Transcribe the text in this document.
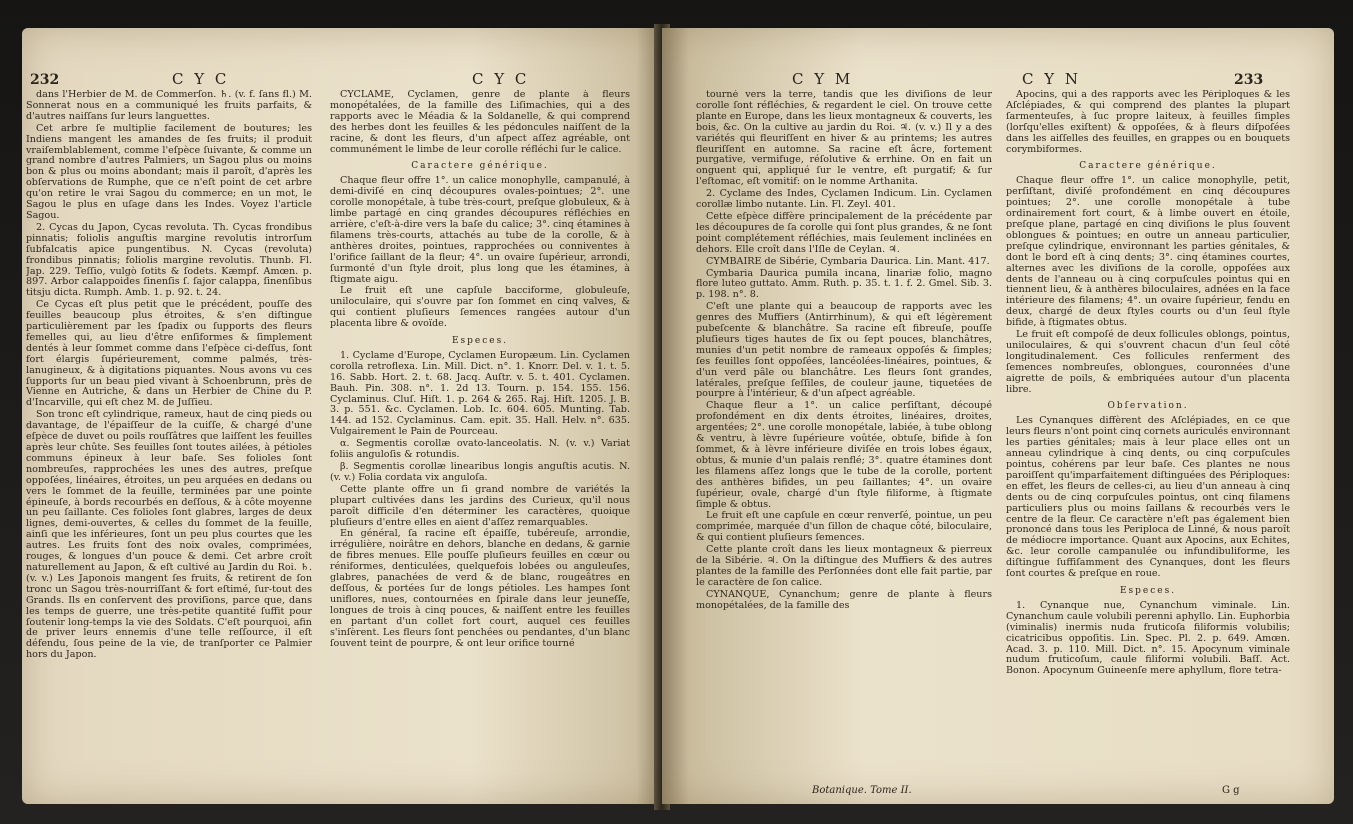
232	C Y C	C Y C

dans l'Herbier de M. de Commerſon. ♄. (v. f. ſans fl.) M. Sonnerat nous en a communiqué les fruits parfaits, & d'autres naiſſans ſur leurs languettes.

Cet arbre ſe multiplie facilement de boutures; les Indiens mangent les amandes de ſes fruits; il produit vraiſemblablement, comme l'eſpèce ſuivante, & comme un grand nombre d'autres Palmiers, un Sagou plus ou moins bon & plus ou moins abondant; mais il paroît, d'après les obſervations de Rumphe, que ce n'eſt point de cet arbre qu'on retire le vrai Sagou du commerce; en un mot, le Sagou le plus en uſage dans les Indes. Voyez l'article Sagou.

2. Cycas du Japon, Cycas revoluta. Th. Cycas frondibus pinnatis; foliolis anguſtis margine revolutis introrſum ſubfalcatis apice pungentibus. N. Cycas (revoluta) frondibus pinnatis; foliolis margine revolutis. Thunb. Fl. Jap. 229. Teſſio, vulgò ſotits & ſodets. Kæmpf. Amœn. p. 897. Arbor calappoides ſinenſis ſ. ſajor calappa, ſinenſibus titsju dicta. Rumph. Amb. 1. p. 92. t. 24.

Ce Cycas eſt plus petit que le précédent, pouſſe des feuilles beaucoup plus étroites, & s'en diſtingue particulièrement par les ſpadix ou ſupports des fleurs femelles qui, au lieu d'être enſiformes & ſimplement dentés à leur ſommet comme dans l'eſpèce ci-deſſus, ſont fort élargis ſupérieurement, comme palmés, très-lanugineux, & à digitations piquantes. Nous avons vu ces ſupports ſur un beau pied vivant à Schoenbrunn, près de Vienne en Autriche, & dans un Herbier de Chine du P. d'Incarville, qui eſt chez M. de Juſſieu.

Son tronc eſt cylindrique, rameux, haut de cinq pieds ou davantage, de l'épaiſſeur de la cuiſſe, & chargé d'une eſpèce de duvet ou poils rouſſâtres que laiſſent les feuilles après leur chûte. Ses feuilles ſont toutes ailées, à pétioles communs épineux à leur baſe. Ses folioles ſont nombreuſes, rapprochées les unes des autres, preſque oppoſées, linéaires, étroites, un peu arquées en dedans ou vers le ſommet de la feuille, terminées par une pointe épineuſe, à bords recourbés en deſſous, & à côte moyenne un peu ſaillante. Ces folioles ſont glabres, larges de deux lignes, demi-ouvertes, & celles du ſommet de la feuille, ainſi que les inférieures, ſont un peu plus courtes que les autres. Les fruits ſont des noix ovales, comprimées, rouges, & longues d'un pouce & demi. Cet arbre croît naturellement au Japon, & eſt cultivé au Jardin du Roi. ♄. (v. v.) Les Japonois mangent ſes fruits, & retirent de ſon tronc un Sagou très-nourriſſant & fort eſtimé, ſur-tout des Grands. Ils en conſervent des proviſions, parce que, dans les temps de guerre, une très-petite quantité ſuffit pour ſoutenir long-temps la vie des Soldats. C'eſt pourquoi, afin de priver leurs ennemis d'une telle reſſource, il eſt défendu, ſous peine de la vie, de tranſporter ce Palmier hors du Japon.

CYCLAME, Cyclamen, genre de plante à fleurs monopétalées, de la famille des Liſimachies, qui a des rapports avec le Méadia & la Soldanelle, & qui comprend des herbes dont les feuilles & les pédoncules naiſſent de la racine, & dont les fleurs, d'un aſpect aſſez agréable, ont communément le limbe de leur corolle réfléchi ſur le calice.

Caractere générique.

Chaque fleur offre 1°. un calice monophylle, campanulé, à demi-diviſé en cinq découpures ovales-pointues; 2°. une corolle monopétale, à tube très-court, preſque globuleux, & à limbe partagé en cinq grandes découpures réfléchies en arrière, c'eſt-à-dire vers la baſe du calice; 3°. cinq étamines à filamens très-courts, attachés au tube de la corolle, & à anthères droites, pointues, rapprochées ou conniventes à l'orifice ſaillant de la fleur; 4°. un ovaire ſupérieur, arrondi, ſurmonté d'un ſtyle droit, plus long que les étamines, à ſtigmate aigu.

Le fruit eſt une capſule bacciforme, globuleuſe, uniloculaire, qui s'ouvre par ſon ſommet en cinq valves, & qui contient pluſieurs ſemences rangées autour d'un placenta libre & ovoïde.

Especes.

1. Cyclame d'Europe, Cyclamen Europæum. Lin. Cyclamen corolla retroflexa. Lin. Mill. Dict. n°. 1. Knorr. Del. v. 1. t. 5. 16. Sabb. Hort. 2. t. 68. Jacq. Auſtr. v. 5. t. 401. Cyclamen. Bauh. Pin. 308. n°. 1. 2d 13. Tourn. p. 154. 155. 156. Cyclaminus. Cluſ. Hiſt. 1. p. 264 & 265. Raj. Hiſt. 1205. J. B. 3. p. 551. &c. Cyclamen. Lob. Ic. 604. 605. Munting. Tab. 144. ad 152. Cyclaminus. Cam. epit. 35. Hall. Helv. n°. 635. Vulgairement le Pain de Pourceau.

α. Segmentis corollæ ovato-lanceolatis. N. (v. v.) Variat foliis anguloſis & rotundis.

β. Segmentis corollæ linearibus longis anguſtis acutis. N. (v. v.) Folia cordata vix anguloſa.

Cette plante offre un ſi grand nombre de variétés la plupart cultivées dans les jardins des Curieux, qu'il nous paroît difficile d'en déterminer les caractères, quoique pluſieurs d'entre elles en aient d'aſſez remarquables.

En général, ſa racine eſt épaiſſe, tubéreuſe, arrondie, irrégulière, noirâtre en dehors, blanche en dedans, & garnie de fibres menues. Elle pouſſe pluſieurs feuilles en cœur ou réniformes, denticulées, quelquefois lobées ou anguleuſes, glabres, panachées de verd & de blanc, rougeâtres en deſſous, & portées ſur de longs pétioles. Les hampes ſont uniflores, nues, contournées en ſpirale dans leur jeuneſſe, longues de trois à cinq pouces, & naiſſent entre les feuilles en partant d'un collet fort court, auquel ces feuilles s'inſèrent. Les fleurs ſont penchées ou pendantes, d'un blanc ſouvent teint de pourpre, & ont leur orifice tourné

C Y M	C Y N	233

tourné vers la terre, tandis que les diviſions de leur corolle ſont réfléchies, & regardent le ciel. On trouve cette plante en Europe, dans les lieux montagneux & couverts, les bois, &c. On la cultive au jardin du Roi. ♃. (v. v.) Il y a des variétés qui fleuriſſent en hiver & au printems; les autres fleuriſſent en automne. Sa racine eſt âcre, fortement purgative, vermifuge, réſolutive & errhine. On en fait un onguent qui, appliqué ſur le ventre, eſt purgatif; & ſur l'eſtomac, eſt vomitif: on le nomme Arthanita.

2. Cyclame des Indes, Cyclamen Indicum. Lin. Cyclamen corollæ limbo nutante. Lin. Fl. Zeyl. 401.

Cette eſpèce diffère principalement de la précédente par les découpures de ſa corolle qui ſont plus grandes, & ne ſont point complétement réfléchies, mais ſeulement inclinées en dehors. Elle croît dans l'Iſle de Ceylan. ♃.

CYMBAIRE de Sibérie, Cymbaria Daurica. Lin. Mant. 417.

Cymbaria Daurica pumila incana, linariæ folio, magno flore luteo guttato. Amm. Ruth. p. 35. t. 1. f. 2. Gmel. Sib. 3. p. 198. n°. 8.

C'eſt une plante qui a beaucoup de rapports avec les genres des Muffiers (Antirrhinum), & qui eſt légèrement pubeſcente & blanchâtre. Sa racine eſt fibreuſe, pouſſe pluſieurs tiges hautes de ſix ou ſept pouces, blanchâtres, munies d'un petit nombre de rameaux oppoſés & ſimples; ſes feuilles ſont oppoſées, lancéolées-linéaires, pointues, & d'un verd pâle ou blanchâtre. Les fleurs ſont grandes, latérales, preſque ſeſſiles, de couleur jaune, tiquetées de pourpre à l'intérieur, & d'un aſpect agréable.

Chaque fleur a 1°. un calice perſiſtant, découpé profondément en dix dents étroites, linéaires, droites, argentées; 2°. une corolle monopétale, labiée, à tube oblong & ventru, à lèvre ſupérieure voûtée, obtuſe, bifide à ſon ſommet, & à lèvre inférieure diviſée en trois lobes égaux, obtus, & munie d'un palais renflé; 3°. quatre étamines dont les filamens aſſez longs que le tube de la corolle, portent des anthères bifides, un peu ſaillantes; 4°. un ovaire ſupérieur, ovale, chargé d'un ſtyle filiforme, à ſtigmate ſimple & obtus.

Le fruit eſt une capſule en cœur renverſé, pointue, un peu comprimée, marquée d'un ſillon de chaque côté, biloculaire, & qui contient pluſieurs ſemences.

Cette plante croît dans les lieux montagneux & pierreux de la Sibérie. ♃. On la diſtingue des Muffiers & des autres plantes de la famille des Perſonnées dont elle fait partie, par le caractère de ſon calice.

CYNANQUE, Cynanchum; genre de plante à fleurs monopétalées, de la famille des

Apocins, qui a des rapports avec les Périploques & les Aſclépiades, & qui comprend des plantes la plupart ſarmenteuſes, à ſuc propre laiteux, à feuilles ſimples (lorſqu'elles exiſtent) & oppoſées, & à fleurs diſpoſées dans les aiſſelles des feuilles, en grappes ou en bouquets corymbiformes.

Caractere générique.

Chaque fleur offre 1°. un calice monophylle, petit, perſiſtant, diviſé profondément en cinq découpures pointues; 2°. une corolle monopétale à tube ordinairement fort court, & à limbe ouvert en étoile, preſque plane, partagé en cinq diviſions le plus ſouvent oblongues & pointues; en outre un anneau particulier, preſque cylindrique, environnant les parties génitales, & dont le bord eſt à cinq dents; 3°. cinq étamines courtes, alternes avec les diviſions de la corolle, oppoſées aux dents de l'anneau ou à cinq corpuſcules pointus qui en tiennent lieu, & à anthères biloculaires, adnées en la face intérieure des filamens; 4°. un ovaire ſupérieur, fendu en deux, chargé de deux ſtyles courts ou d'un ſeul ſtyle bifide, à ſtigmates obtus.

Le fruit eſt compoſé de deux follicules oblongs, pointus, uniloculaires, & qui s'ouvrent chacun d'un ſeul côté longitudinalement. Ces follicules renferment des ſemences nombreuſes, oblongues, couronnées d'une aigrette de poils, & embriquées autour d'un placenta libre.

Obſervation.

Les Cynanques diffèrent des Aſclépiades, en ce que leurs fleurs n'ont point cinq cornets auriculés environnant les parties génitales; mais à leur place elles ont un anneau cylindrique à cinq dents, ou cinq corpuſcules pointus, cohérens par leur baſe. Ces plantes ne nous paroiſſent qu'imparfaitement diſtinguées des Périploques: en effet, les fleurs de celles-ci, au lieu d'un anneau à cinq dents ou de cinq corpuſcules pointus, ont cinq filamens particuliers plus ou moins ſaillans & recourbés vers le centre de la fleur. Ce caractère n'eſt pas également bien prononcé dans tous les Periploca de Linné, & nous paroît de médiocre importance. Quant aux Apocins, aux Echites, &c. leur corolle campanulée ou infundibuliforme, les diſtingue ſuffiſamment des Cynanques, dont les fleurs ſont courtes & preſque en roue.

Especes.

1. Cynanque nue, Cynanchum viminale. Lin. Cynanchum caule volubili perenni aphyllo. Lin. Euphorbia (viminalis) inermis nuda fruticoſa filiformis volubilis; cicatricibus oppoſitis. Lin. Spec. Pl. 2. p. 649. Amœn. Acad. 3. p. 110. Mill. Dict. n°. 15. Apocynum viminale nudum fruticoſum, caule filiformi volubili. Baſſ. Act. Bonon. Apocynum Guineenſe mere aphyllum, flore tetra-

Botanique. Tome II.	G g
